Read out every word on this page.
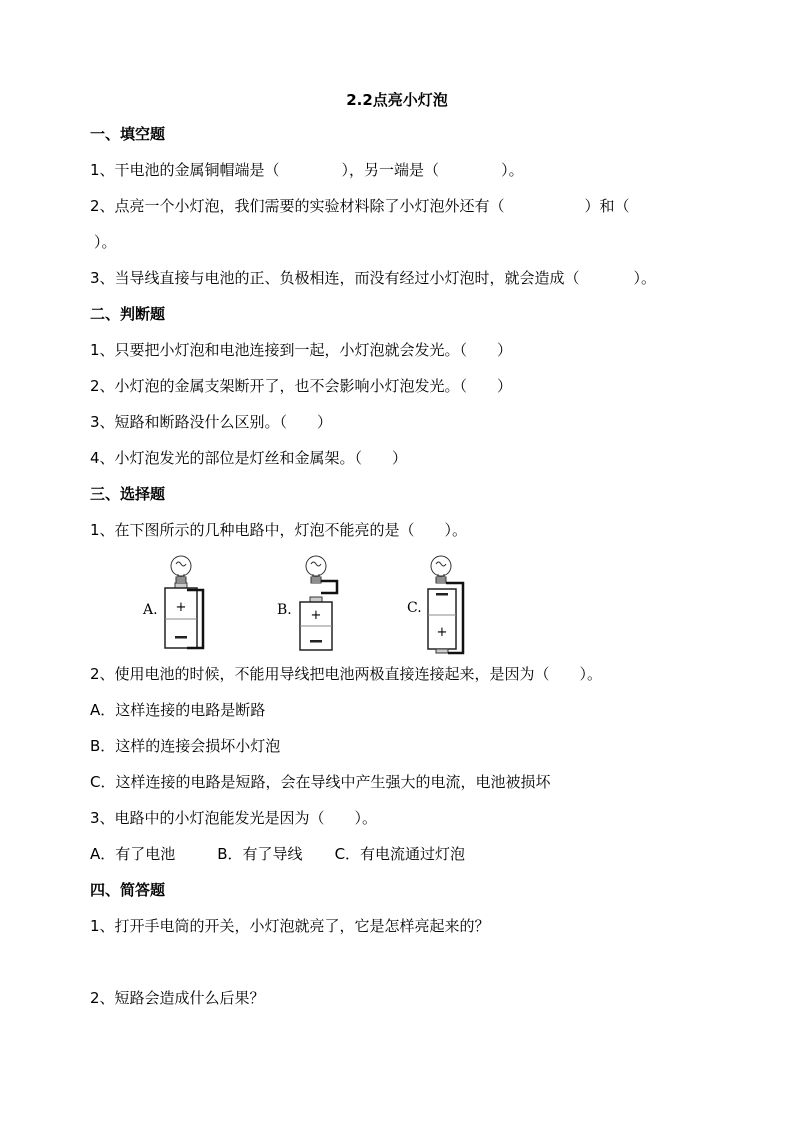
2.2点亮小灯泡
一、填空题
1、干电池的金属铜帽端是（	），另一端是（	）。
2、点亮一个小灯泡，我们需要的实验材料除了小灯泡外还有（	）和（
）。
3、当导线直接与电池的正、负极相连，而没有经过小灯泡时，就会造成（	）。
二、判断题
1、只要把小灯泡和电池连接到一起，小灯泡就会发光。（　　）
2、小灯泡的金属支架断开了，也不会影响小灯泡发光。（　　）
3、短路和断路没什么区别。（　　）
4、小灯泡发光的部位是灯丝和金属架。（　　）
三、选择题
1、在下图所示的几种电路中，灯泡不能亮的是（　　）。
A. +	B. +	C.
+
2、使用电池的时候，不能用导线把电池两极直接连接起来，是因为（　　）。
A．这样连接的电路是断路
B．这样的连接会损坏小灯泡
C．这样连接的电路是短路，会在导线中产生强大的电流，电池被损坏
3、电路中的小灯泡能发光是因为（　　）。
A．有了电池	B．有了导线 C．有电流通过灯泡
四、简答题
1、打开手电筒的开关，小灯泡就亮了，它是怎样亮起来的？
2、短路会造成什么后果？
